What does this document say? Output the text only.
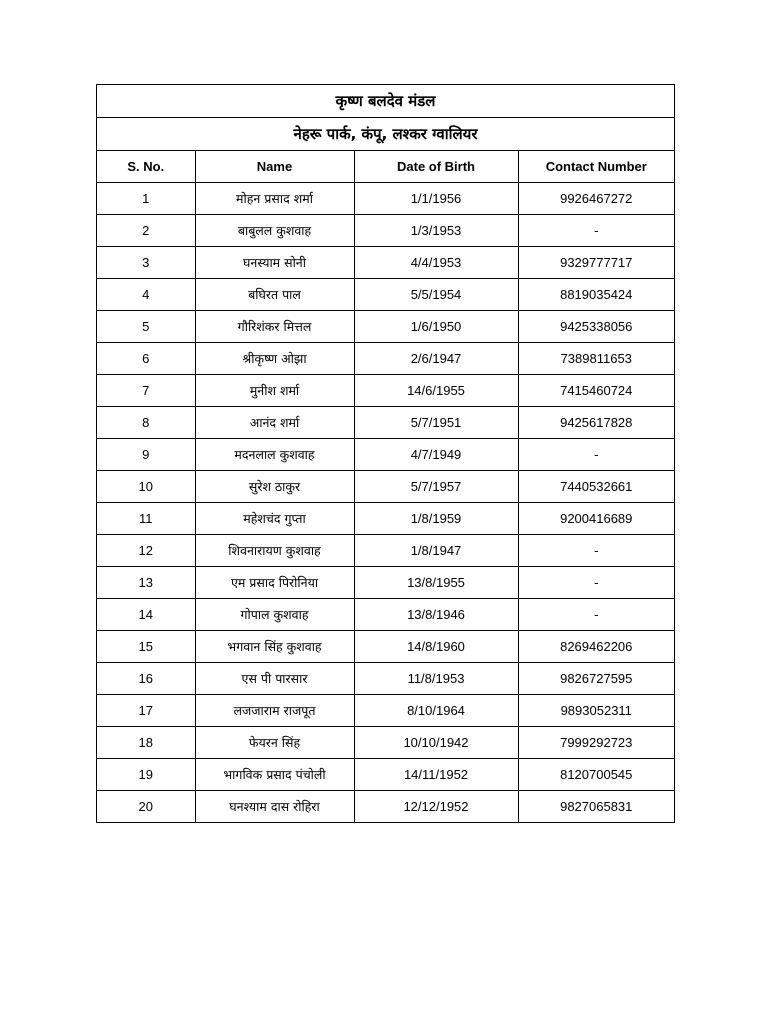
कृष्ण बलदेव मंडल
नेहरू पार्क, कंपू, लश्कर ग्वालियर
S. No.	Name	Date of Birth	Contact Number
1	मोहन प्रसाद शर्मा	1/1/1956	9926467272
2	बाबुलल कुशवाह	1/3/1953	-
3	घनस्याम सोनी	4/4/1953	9329777717
4	बघिरत पाल	5/5/1954	8819035424
5	गौरिशंकर मित्तल	1/6/1950	9425338056
6	श्रीकृष्ण ओझा	2/6/1947	7389811653
7	मुनीश शर्मा	14/6/1955	7415460724
8	आनंद शर्मा	5/7/1951	9425617828
9	मदनलाल कुशवाह	4/7/1949	-
10	सुरेश ठाकुर	5/7/1957	7440532661
11	महेशचंद गुप्ता	1/8/1959	9200416689
12	शिवनारायण कुशवाह	1/8/1947	-
13	एम प्रसाद पिरोनिया	13/8/1955	-
14	गोपाल कुशवाह	13/8/1946	-
15	भगवान सिंह कुशवाह	14/8/1960	8269462206
16	एस पी पारसार	11/8/1953	9826727595
17	लजजाराम राजपूत	8/10/1964	9893052311
18	फेयरन सिंह	10/10/1942	7999292723
19	भागविक प्रसाद पंचोली	14/11/1952	8120700545
20	घनश्याम दास रोहिरा	12/12/1952	9827065831
